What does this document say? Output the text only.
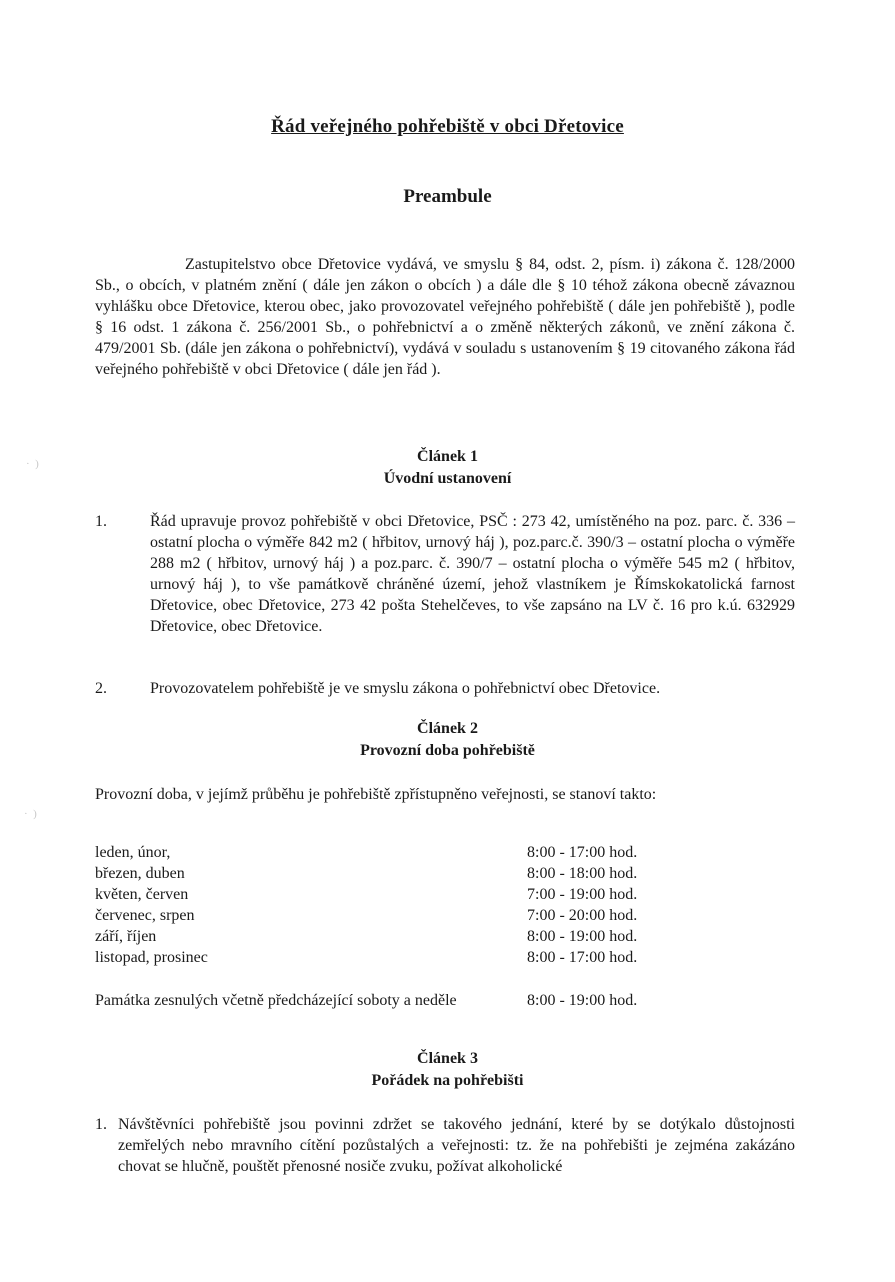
·  )
·  )
Řád veřejného pohřebiště v obci Dřetovice
Preambule
Zastupitelstvo obce Dřetovice vydává, ve smyslu § 84, odst. 2, písm. i) zákona č. 128/2000 Sb., o obcích, v platném znění ( dále jen zákon o obcích ) a dále dle § 10 téhož zákona obecně závaznou vyhlášku obce Dřetovice, kterou obec, jako provozovatel veřejného pohřebiště ( dále jen pohřebiště ), podle § 16 odst. 1 zákona č. 256/2001 Sb., o pohřebnictví a o změně některých zákonů, ve znění zákona č. 479/2001 Sb. (dále jen zákona o pohřebnictví), vydává v souladu s ustanovením § 19 citovaného zákona řád veřejného pohřebiště v obci Dřetovice ( dále jen řád ).
Článek 1
Úvodní ustanovení
1.	Řád upravuje provoz pohřebiště v obci Dřetovice, PSČ : 273 42, umístěného na poz. parc. č. 336 – ostatní plocha o výměře 842 m2 ( hřbitov, urnový háj ), poz.parc.č. 390/3 – ostatní plocha o výměře 288 m2 ( hřbitov, urnový háj ) a poz.parc. č. 390/7 – ostatní plocha o výměře 545 m2 ( hřbitov, urnový háj ), to vše památkově chráněné území, jehož vlastníkem je Římskokatolická farnost Dřetovice, obec Dřetovice, 273 42 pošta Stehelčeves, to vše zapsáno na LV č. 16 pro k.ú. 632929 Dřetovice, obec Dřetovice.
2.	Provozovatelem pohřebiště je ve smyslu zákona o pohřebnictví obec Dřetovice.
Článek 2
Provozní doba pohřebiště
Provozní doba, v jejímž průběhu je pohřebiště zpřístupněno veřejnosti, se stanoví takto:
leden, únor,	8:00 - 17:00 hod.
březen, duben	8:00 - 18:00 hod.
květen, červen	7:00 - 19:00 hod.
červenec, srpen	7:00 - 20:00 hod.
září, říjen	8:00 - 19:00 hod.
listopad, prosinec	8:00 - 17:00 hod.
Památka zesnulých včetně předcházející soboty a neděle	8:00 - 19:00 hod.
Článek 3
Pořádek na pohřebišti
1. Návštěvníci pohřebiště jsou povinni zdržet se takového jednání, které by se dotýkalo důstojnosti zemřelých nebo mravního cítění pozůstalých a veřejnosti: tz. že na pohřebišti je zejména zakázáno chovat se hlučně, pouštět přenosné nosiče zvuku, požívat alkoholické
